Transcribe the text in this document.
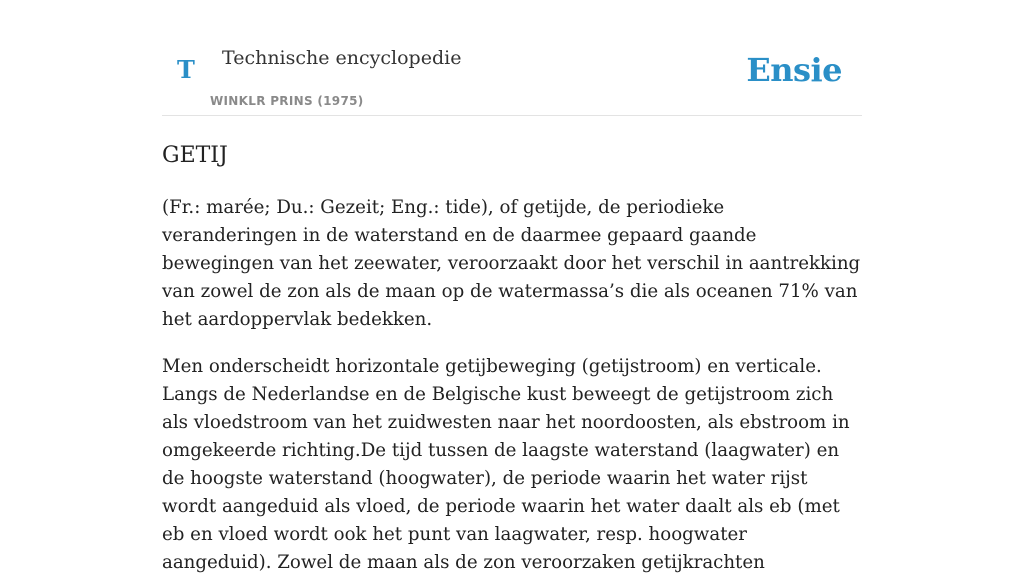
T Technische encyclopedie
WINKLR PRINS (1975)
Ensie
GETIJ

(Fr.: marée; Du.: Gezeit; Eng.: tide), of getijde, de periodieke veranderingen in de waterstand en de daarmee gepaard gaande bewegingen van het zeewater, veroorzaakt door het verschil in aantrekking van zowel de zon als de maan op de watermassa’s die als oceanen 71% van het aardoppervlak bedekken.

Men onderscheidt horizontale getijbeweging (getijstroom) en verticale. Langs de Nederlandse en de Belgische kust beweegt de getijstroom zich als vloedstroom van het zuidwesten naar het noordoosten, als ebstroom in omgekeerde richting.De tijd tussen de laagste waterstand (laagwater) en de hoogste waterstand (hoogwater), de periode waarin het water rijst wordt aangeduid als vloed, de periode waarin het water daalt als eb (met eb en vloed wordt ook het punt van laagwater, resp. hoogwater aangeduid). Zowel de maan als de zon veroorzaken getijkrachten
